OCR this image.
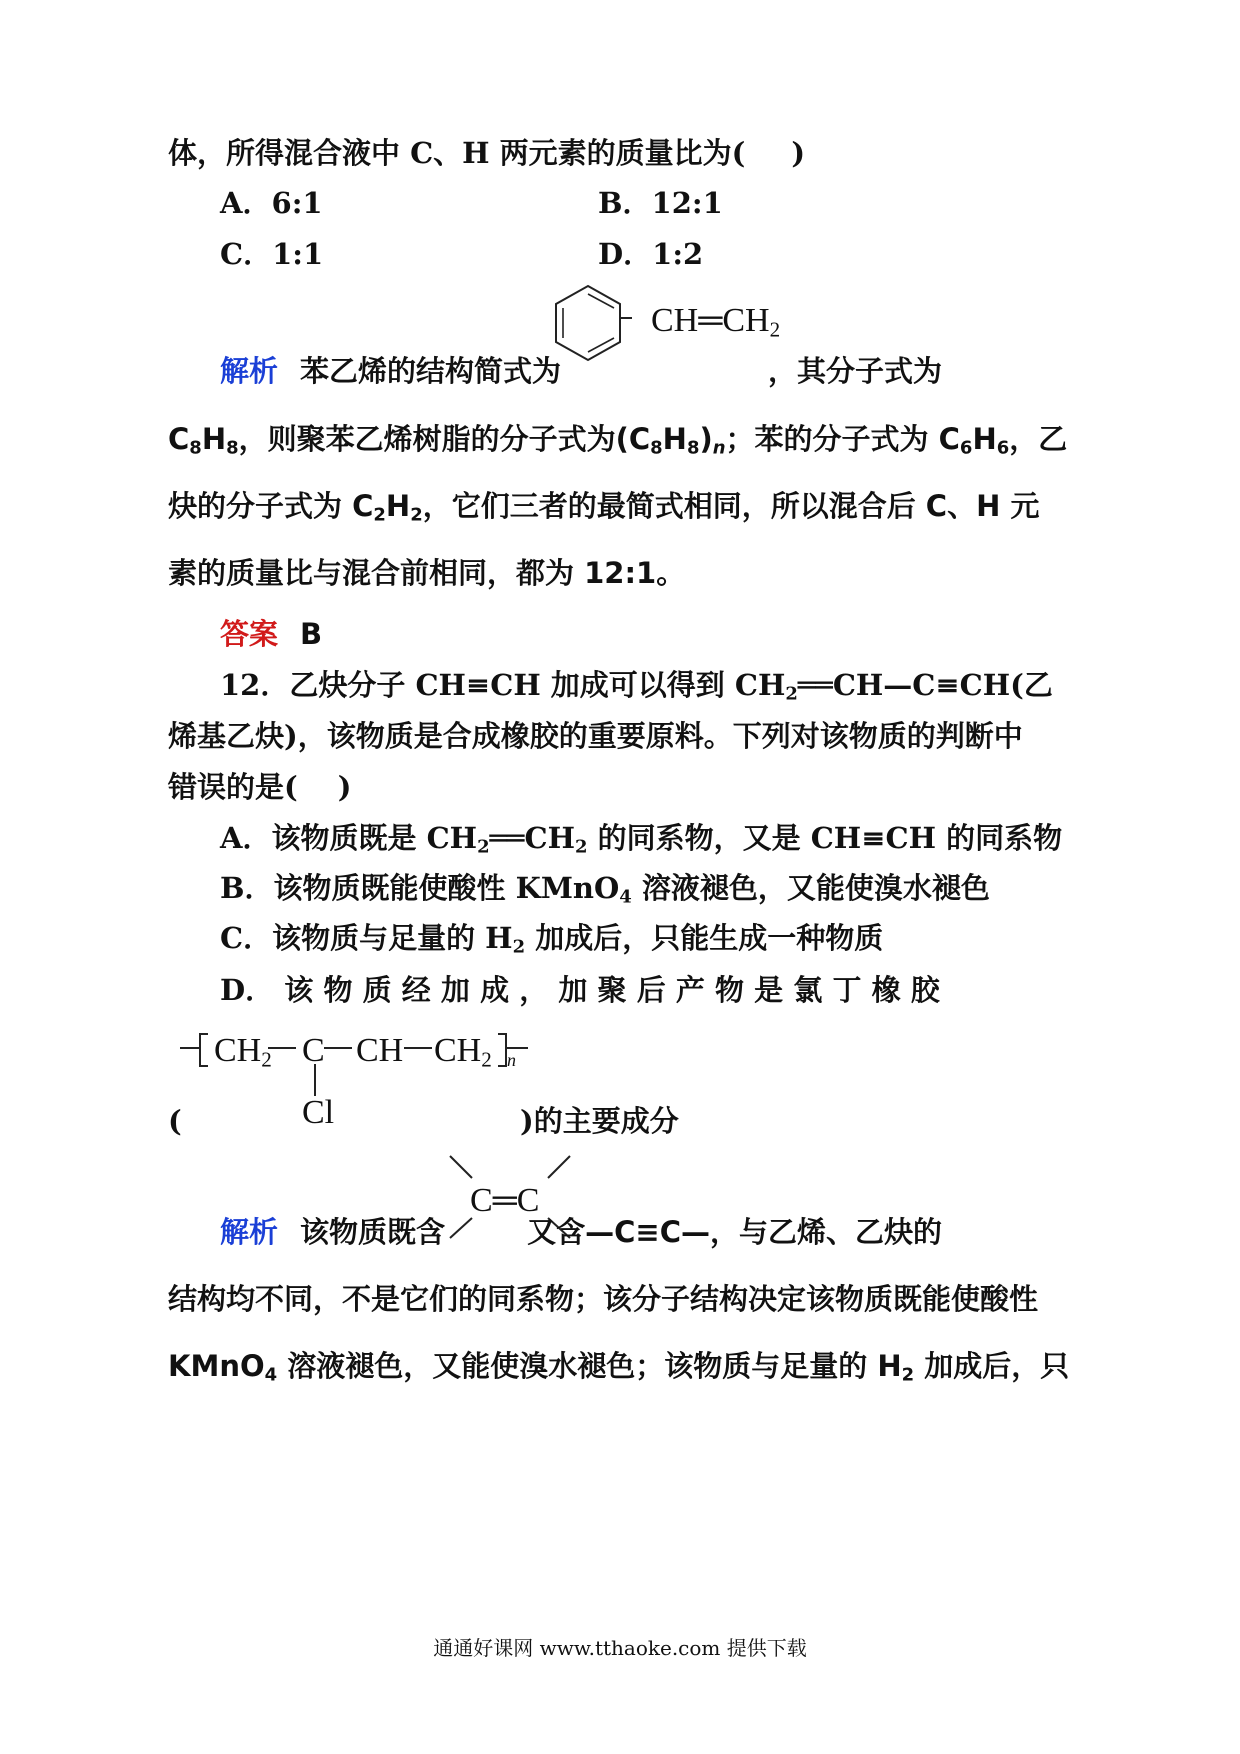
体，所得混合液中 C、H 两元素的质量比为( )
A．6:1	B．12:1
C．1:1	D．1:2
$CH═CH_2$
解析 苯乙烯的结构简式为	，其分子式为
$C_8H_8$，则聚苯乙烯树脂的分子式为$(C_8H_8)_n$；苯的分子式为 $C_6H_6$，乙
炔的分子式为 $C_2H_2$，它们三者的最简式相同，所以混合后 C、H 元
素的质量比与混合前相同，都为 12:1。
答案 B
12．乙炔分子 CH≡CH 加成可以得到 $CH_2══CH—C\equiv CH$(乙
烯基乙炔)，该物质是合成橡胶的重要原料。下列对该物质的判断中
错误的是( )
A．该物质既是 $CH_2══CH_2$ 的同系物，又是 CH≡CH 的同系物
B．该物质既能使酸性 KMnO$_4$ 溶液褪色，又能使溴水褪色
C．该物质与足量的 $H_2$ 加成后，只能生成一种物质
D． 该 物 质 经 加 成 ， 加 聚 后 产 物 是 氯 丁 橡 胶
$CH_2$ C CH $CH_2$ n
Cl
(	)的主要成分
C═C
解析 该物质既含	又含—C≡C—，与乙烯、乙炔的
结构均不同，不是它们的同系物；该分子结构决定该物质既能使酸性
KMnO$_4$ 溶液褪色，又能使溴水褪色；该物质与足量的 $H_2$ 加成后，只
通通好课网 www.tthaoke.com 提供下载
